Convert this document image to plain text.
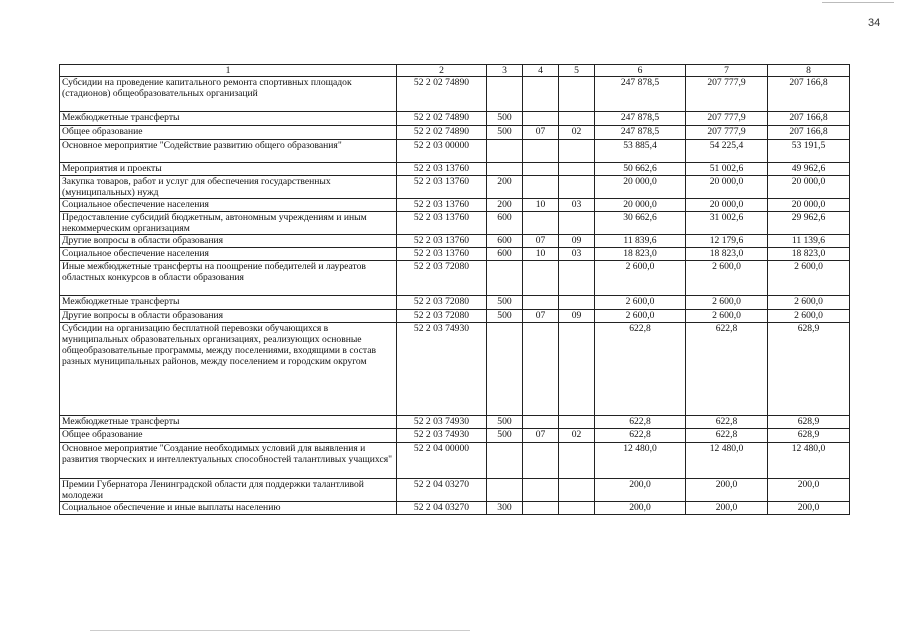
34
1	2	3	4	5	6	7	8
Субсидии на проведение капитального ремонта спортивных площадок (стадионов) общеобразовательных организаций	52 2 02 74890				247 878,5	207 777,9	207 166,8
Межбюджетные трансферты	52 2 02 74890	500			247 878,5	207 777,9	207 166,8
Общее образование	52 2 02 74890	500	07	02	247 878,5	207 777,9	207 166,8
Основное мероприятие "Содействие развитию общего образования"	52 2 03 00000				53 885,4	54 225,4	53 191,5
Мероприятия и проекты	52 2 03 13760				50 662,6	51 002,6	49 962,6
Закупка товаров, работ и услуг для обеспечения государственных (муниципальных) нужд	52 2 03 13760	200			20 000,0	20 000,0	20 000,0
Социальное обеспечение населения	52 2 03 13760	200	10	03	20 000,0	20 000,0	20 000,0
Предоставление субсидий бюджетным, автономным учреждениям и иным некоммерческим организациям	52 2 03 13760	600			30 662,6	31 002,6	29 962,6
Другие вопросы в области образования	52 2 03 13760	600	07	09	11 839,6	12 179,6	11 139,6
Социальное обеспечение населения	52 2 03 13760	600	10	03	18 823,0	18 823,0	18 823,0
Иные межбюджетные трансферты на поощрение победителей и лауреатов областных конкурсов в области образования	52 2 03 72080				2 600,0	2 600,0	2 600,0
Межбюджетные трансферты	52 2 03 72080	500			2 600,0	2 600,0	2 600,0
Другие вопросы в области образования	52 2 03 72080	500	07	09	2 600,0	2 600,0	2 600,0
Субсидии на организацию бесплатной перевозки обучающихся в муниципальных образовательных организациях, реализующих основные общеобразовательные программы, между поселениями, входящими в состав разных муниципальных районов, между поселением и городским округом	52 2 03 74930				622,8	622,8	628,9
Межбюджетные трансферты	52 2 03 74930	500			622,8	622,8	628,9
Общее образование	52 2 03 74930	500	07	02	622,8	622,8	628,9
Основное мероприятие "Создание необходимых условий для выявления и развития творческих и интеллектуальных способностей талантливых учащихся"	52 2 04 00000				12 480,0	12 480,0	12 480,0
Премии Губернатора Ленинградской области для поддержки талантливой молодежи	52 2 04 03270				200,0	200,0	200,0
Социальное обеспечение и иные выплаты населению	52 2 04 03270	300			200,0	200,0	200,0
